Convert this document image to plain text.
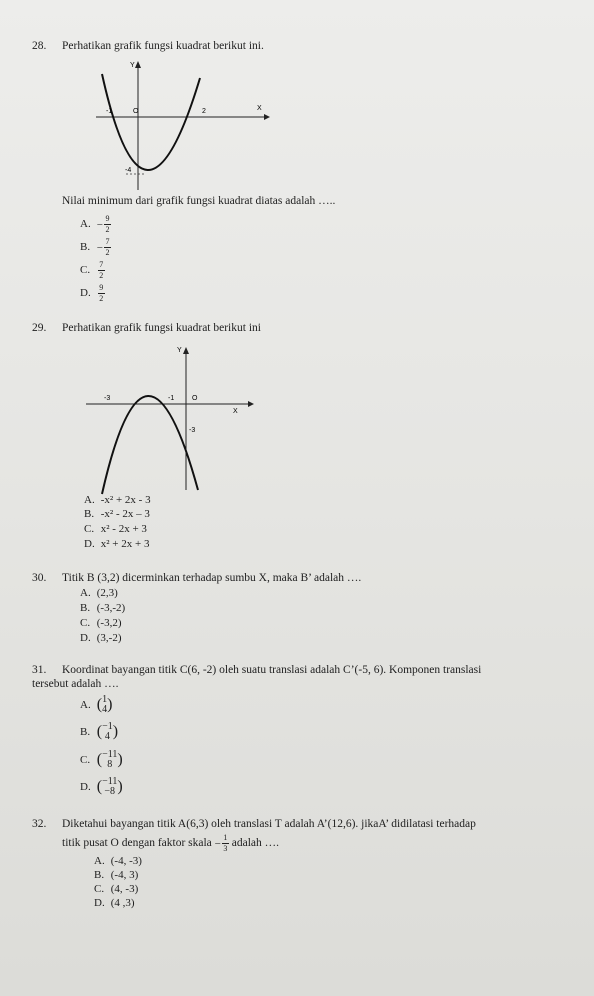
28. Perhatikan grafik fungsi kuadrat berikut ini.
Y
X
O
-1	2
-4
Nilai minimum dari grafik fungsi kuadrat diatas adalah …..
A. − $\frac{9}{2}$
B. − $\frac{7}{2}$
C. $\frac{7}{2}$
D. $\frac{9}{2}$
29. Perhatikan grafik fungsi kuadrat berikut ini
Y
X
O
-3	-1
-3
A. -x² + 2x - 3
B. -x² - 2x – 3
C. x² - 2x + 3
D. x² + 2x + 3
30. Titik B (3,2) dicerminkan terhadap sumbu X, maka B’ adalah ….
A. (2,3)
B. (-3,-2)
C. (-3,2)
D. (3,-2)
31. Koordinat bayangan titik C(6, -2) oleh suatu translasi adalah C’(-5, 6). Komponen translasi
tersebut adalah ….
A. ( 1
4 )
B. ( −1
4 )
C. ( −11
8 )
D. ( −11
−8 )
32. Diketahui bayangan titik A(6,3) oleh translasi T adalah A’(12,6). jikaA’ didilatasi terhadap
titik pusat O dengan faktor skala − $\frac{1}{3}$ adalah ….
A. (-4, -3)
B. (-4, 3)
C. (4, -3)
D. (4 ,3)
